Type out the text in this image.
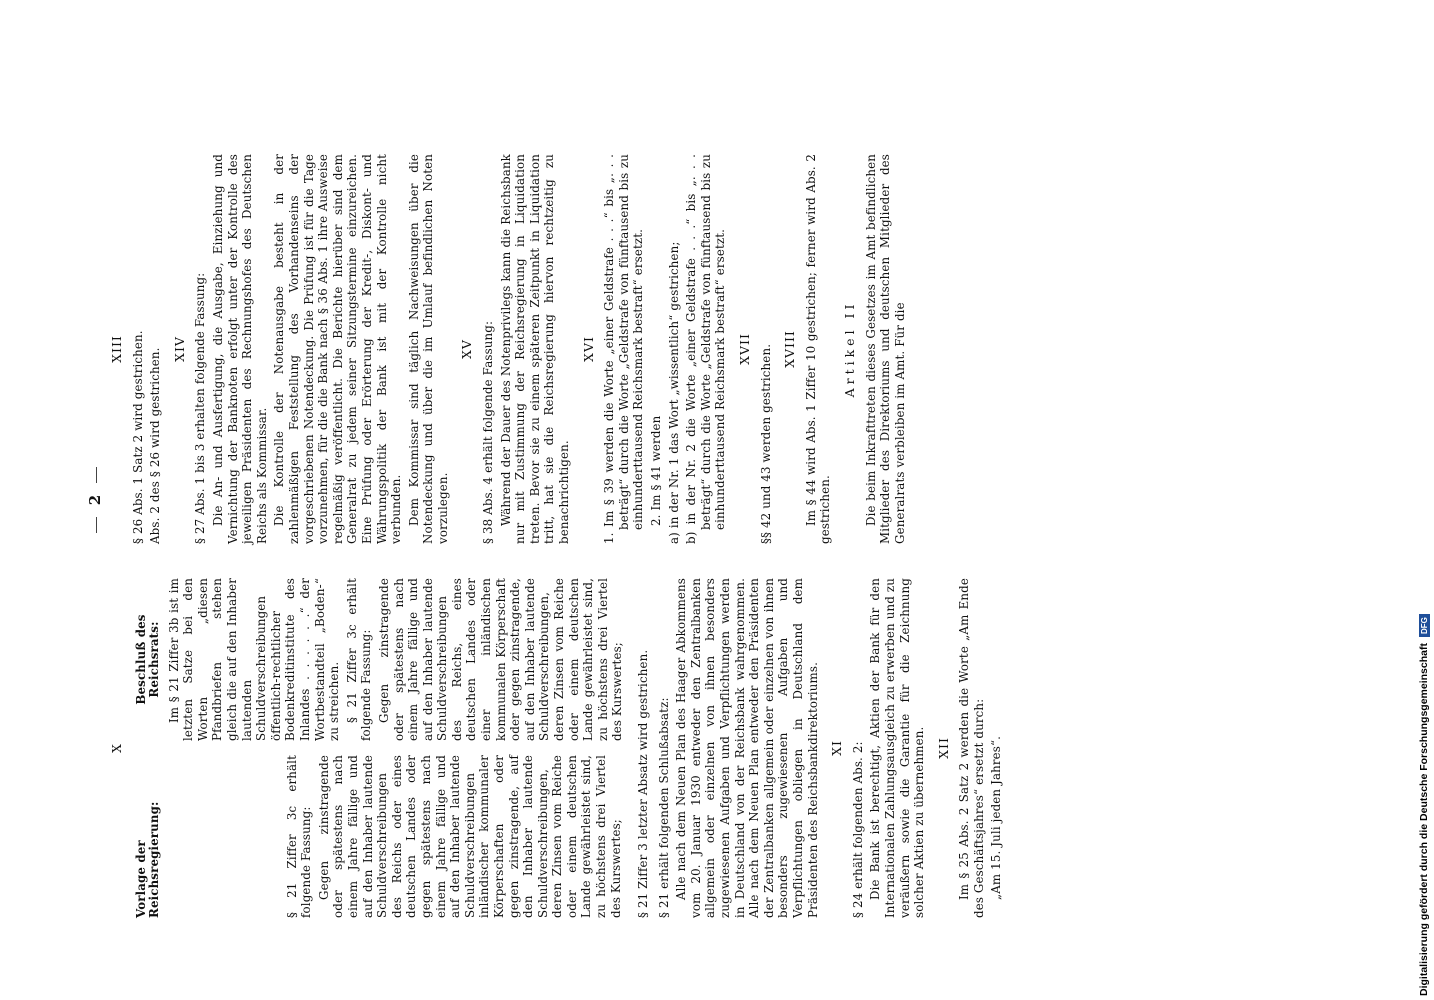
2
X
Vorlage der Reichsregierung:	§ 21 Ziffer 3c erhält folgende Fassung: Gegen zinstragende oder spätestens nach einem Jahre fällige und auf den Inhaber lautende Schuldverschreibungen des Reichs oder eines deutschen Landes oder gegen spätestens nach einem Jahre fällige und auf den Inhaber lautende Schuldverschreibungen inländischer kommunaler Körperschaften oder gegen zinstragende, auf den Inhaber lautende Schuldverschreibungen, deren Zinsen vom Reiche oder einem deutschen Lande gewährleistet sind, zu höchstens drei Viertel des Kurswertes;

Beschluß des Reichsrats: Im § 21 Ziffer 3b ist im letzten Satze bei den Worten „diesen Pfandbriefen stehen gleich die auf den Inhaber lautenden Schuldverschreibungen öffentlich-rechtlicher Bodenkreditinstitute des Inlandes . . . . . .“ der Wortbestandteil „Boden-“ zu streichen. § 21 Ziffer 3c erhält folgende Fassung: Gegen zinstragende oder spätestens nach einem Jahre fällige und auf den Inhaber lautende Schuldverschreibungen des Reichs, eines deutschen Landes oder einer inländischen kommunalen Körperschaft oder gegen zinstragende, auf den Inhaber lautende Schuldverschreibungen, deren Zinsen vom Reiche oder einem deutschen Lande gewährleistet sind, zu höchstens drei Viertel des Kurswertes; § 21 Ziffer 3 letzter Absatz wird gestrichen. § 21 erhält folgenden Schlußabsatz: Alle nach dem Neuen Plan des Haager Abkommens vom 20. Januar 1930 entweder den Zentralbanken allgemein oder einzelnen von ihnen besonders zugewiesenen Aufgaben und Verpflichtungen werden in Deutschland von der Reichsbank wahrgenommen. Alle nach dem Neuen Plan entweder den Präsidenten der Zentralbanken allgemein oder einzelnen von ihnen besonders zugewiesenen Aufgaben und Verpflichtungen obliegen in Deutschland dem Präsidenten des Reichsbankdirektoriums. XI § 24 erhält folgenden Abs. 2: Die Bank ist berechtigt, Aktien der Bank für den Internationalen Zahlungsausgleich zu erwerben und zu veräußern sowie die Garantie für die Zeichnung solcher Aktien zu übernehmen. XII Im § 25 Abs. 2 Satz 2 werden die Worte „Am Ende des Geschäftsjahres“ ersetzt durch: „Am 15. Juli jeden Jahres“.

XIII § 26 Abs. 1 Satz 2 wird gestrichen. Abs. 2 des § 26 wird gestrichen. XIV § 27 Abs. 1 bis 3 erhalten folgende Fassung: Die An- und Ausfertigung, die Ausgabe, Einziehung und Vernichtung der Banknoten erfolgt unter der Kontrolle des jeweiligen Präsidenten des Rechnungshofes des Deutschen Reichs als Kommissar. Die Kontrolle der Notenausgabe besteht in der zahlenmäßigen Feststellung des Vorhandenseins der vorgeschriebenen Notendeckung. Die Prüfung ist für die Tage vorzunehmen, für die die Bank nach § 36 Abs. 1 ihre Ausweise regelmäßig veröffentlicht. Die Berichte hierüber sind dem Generalrat zu jedem seiner Sitzungstermine einzureichen. Eine Prüfung oder Erörterung der Kredit-, Diskont- und Währungspolitik der Bank ist mit der Kontrolle nicht verbunden. Dem Kommissar sind täglich Nachweisungen über die Notendeckung und über die im Umlauf befindlichen Noten vorzulegen.

XV § 38 Abs. 4 erhält folgende Fassung: Während der Dauer des Notenprivilegs kann die Reichsbank nur mit Zustimmung der Reichsregierung in Liquidation treten. Bevor sie zu einem späteren Zeitpunkt in Liquidation tritt, hat sie die Reichsregierung hiervon rechtzeitig zu benachrichtigen.

XVI 1. Im § 39 werden die Worte „einer Geldstrafe . . .“ bis „. . . beträgt“ durch die Worte „Geldstrafe von fünftausend bis zu einhunderttausend Reichsmark bestraft“ ersetzt. 2. Im § 41 werden a) in der Nr. 1 das Wort „wissentlich“ gestrichen; b) in der Nr. 2 die Worte „einer Geldstrafe . . .“ bis „. . . beträgt“ durch die Worte „Geldstrafe von fünftausend bis zu einhunderttausend Reichsmark bestraft“ ersetzt. XVII §§ 42 und 43 werden gestrichen. XVIII Im § 44 wird Abs. 1 Ziffer 10 gestrichen; ferner wird Abs. 2 gestrichen.

Artikel II Die beim Inkrafttreten dieses Gesetzes im Amt befindlichen Mitglieder des Direktoriums und deutschen Mitglieder des Generalrats verbleiben im Amt. Für die

Digitalisierung gefördert durch die Deutsche Forschungsgemeinschaft
DFG
